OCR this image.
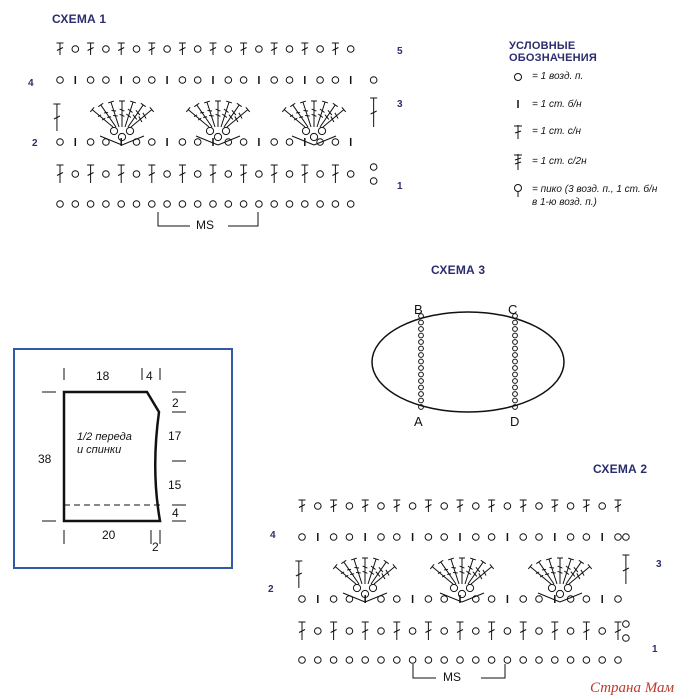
СХЕМА 1
5
4
3
2
1
MS
УСЛОВНЫЕ
ОБОЗНАЧЕНИЯ
= 1 возд. п.
= 1 ст. б/н
= 1 ст. с/н
= 1 ст. с/2н
= пико (3 возд. п., 1 ст. б/н
в 1-ю возд. п.)
СХЕМА 3
B	C
A	D
18	4
38
2
17
15
4
20
2
1/2 переда
и спинки
СХЕМА 2
4
3
2
1
MS
Страна Мам
